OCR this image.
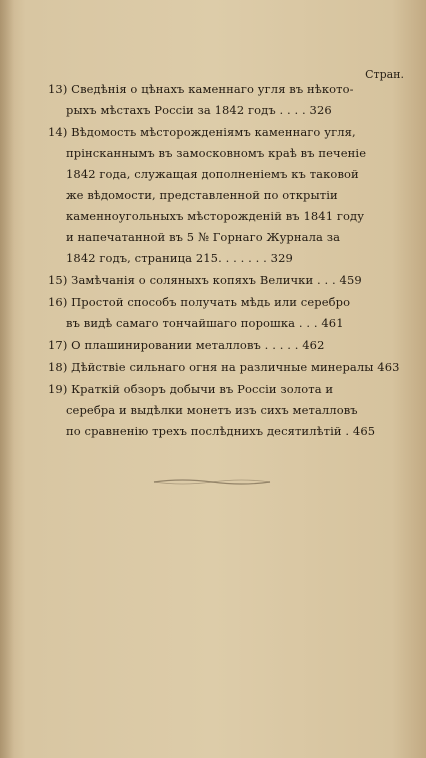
Стран.
13) Сведѣнія о цѣнахъ каменнаго угля въ нѣкото-
рыхъ мѣстахъ Россіи за 1842 годъ . . . . 326
14) Вѣдомость мѣсторожденіямъ каменнаго угля,
прінсканнымъ въ замосковномъ краѣ въ печеніе
1842 года, служащая дополненіемъ къ таковой
же вѣдомости, представленной по открытіи
каменноугольныхъ мѣсторожденій въ 1841 году
и напечатанной въ 5 № Горнаго Журнала за
1842 годъ, страница 215. . . . . . . 329
15) Замѣчанія о соляныхъ копяхъ Велички . . . 459
16) Простой способъ получать мѣдь или серебро
въ видѣ самаго тончайшаго порошка . . . 461
17) О плашинировании металловъ . . . . . 462
18) Дѣйствіе сильнаго огня на различные минералы 463
19) Краткій обзоръ добычи въ Россіи золота и
серебра и выдѣлки монетъ изъ сихъ металловъ
по сравненію трехъ послѣднихъ десятилѣтій . 465
